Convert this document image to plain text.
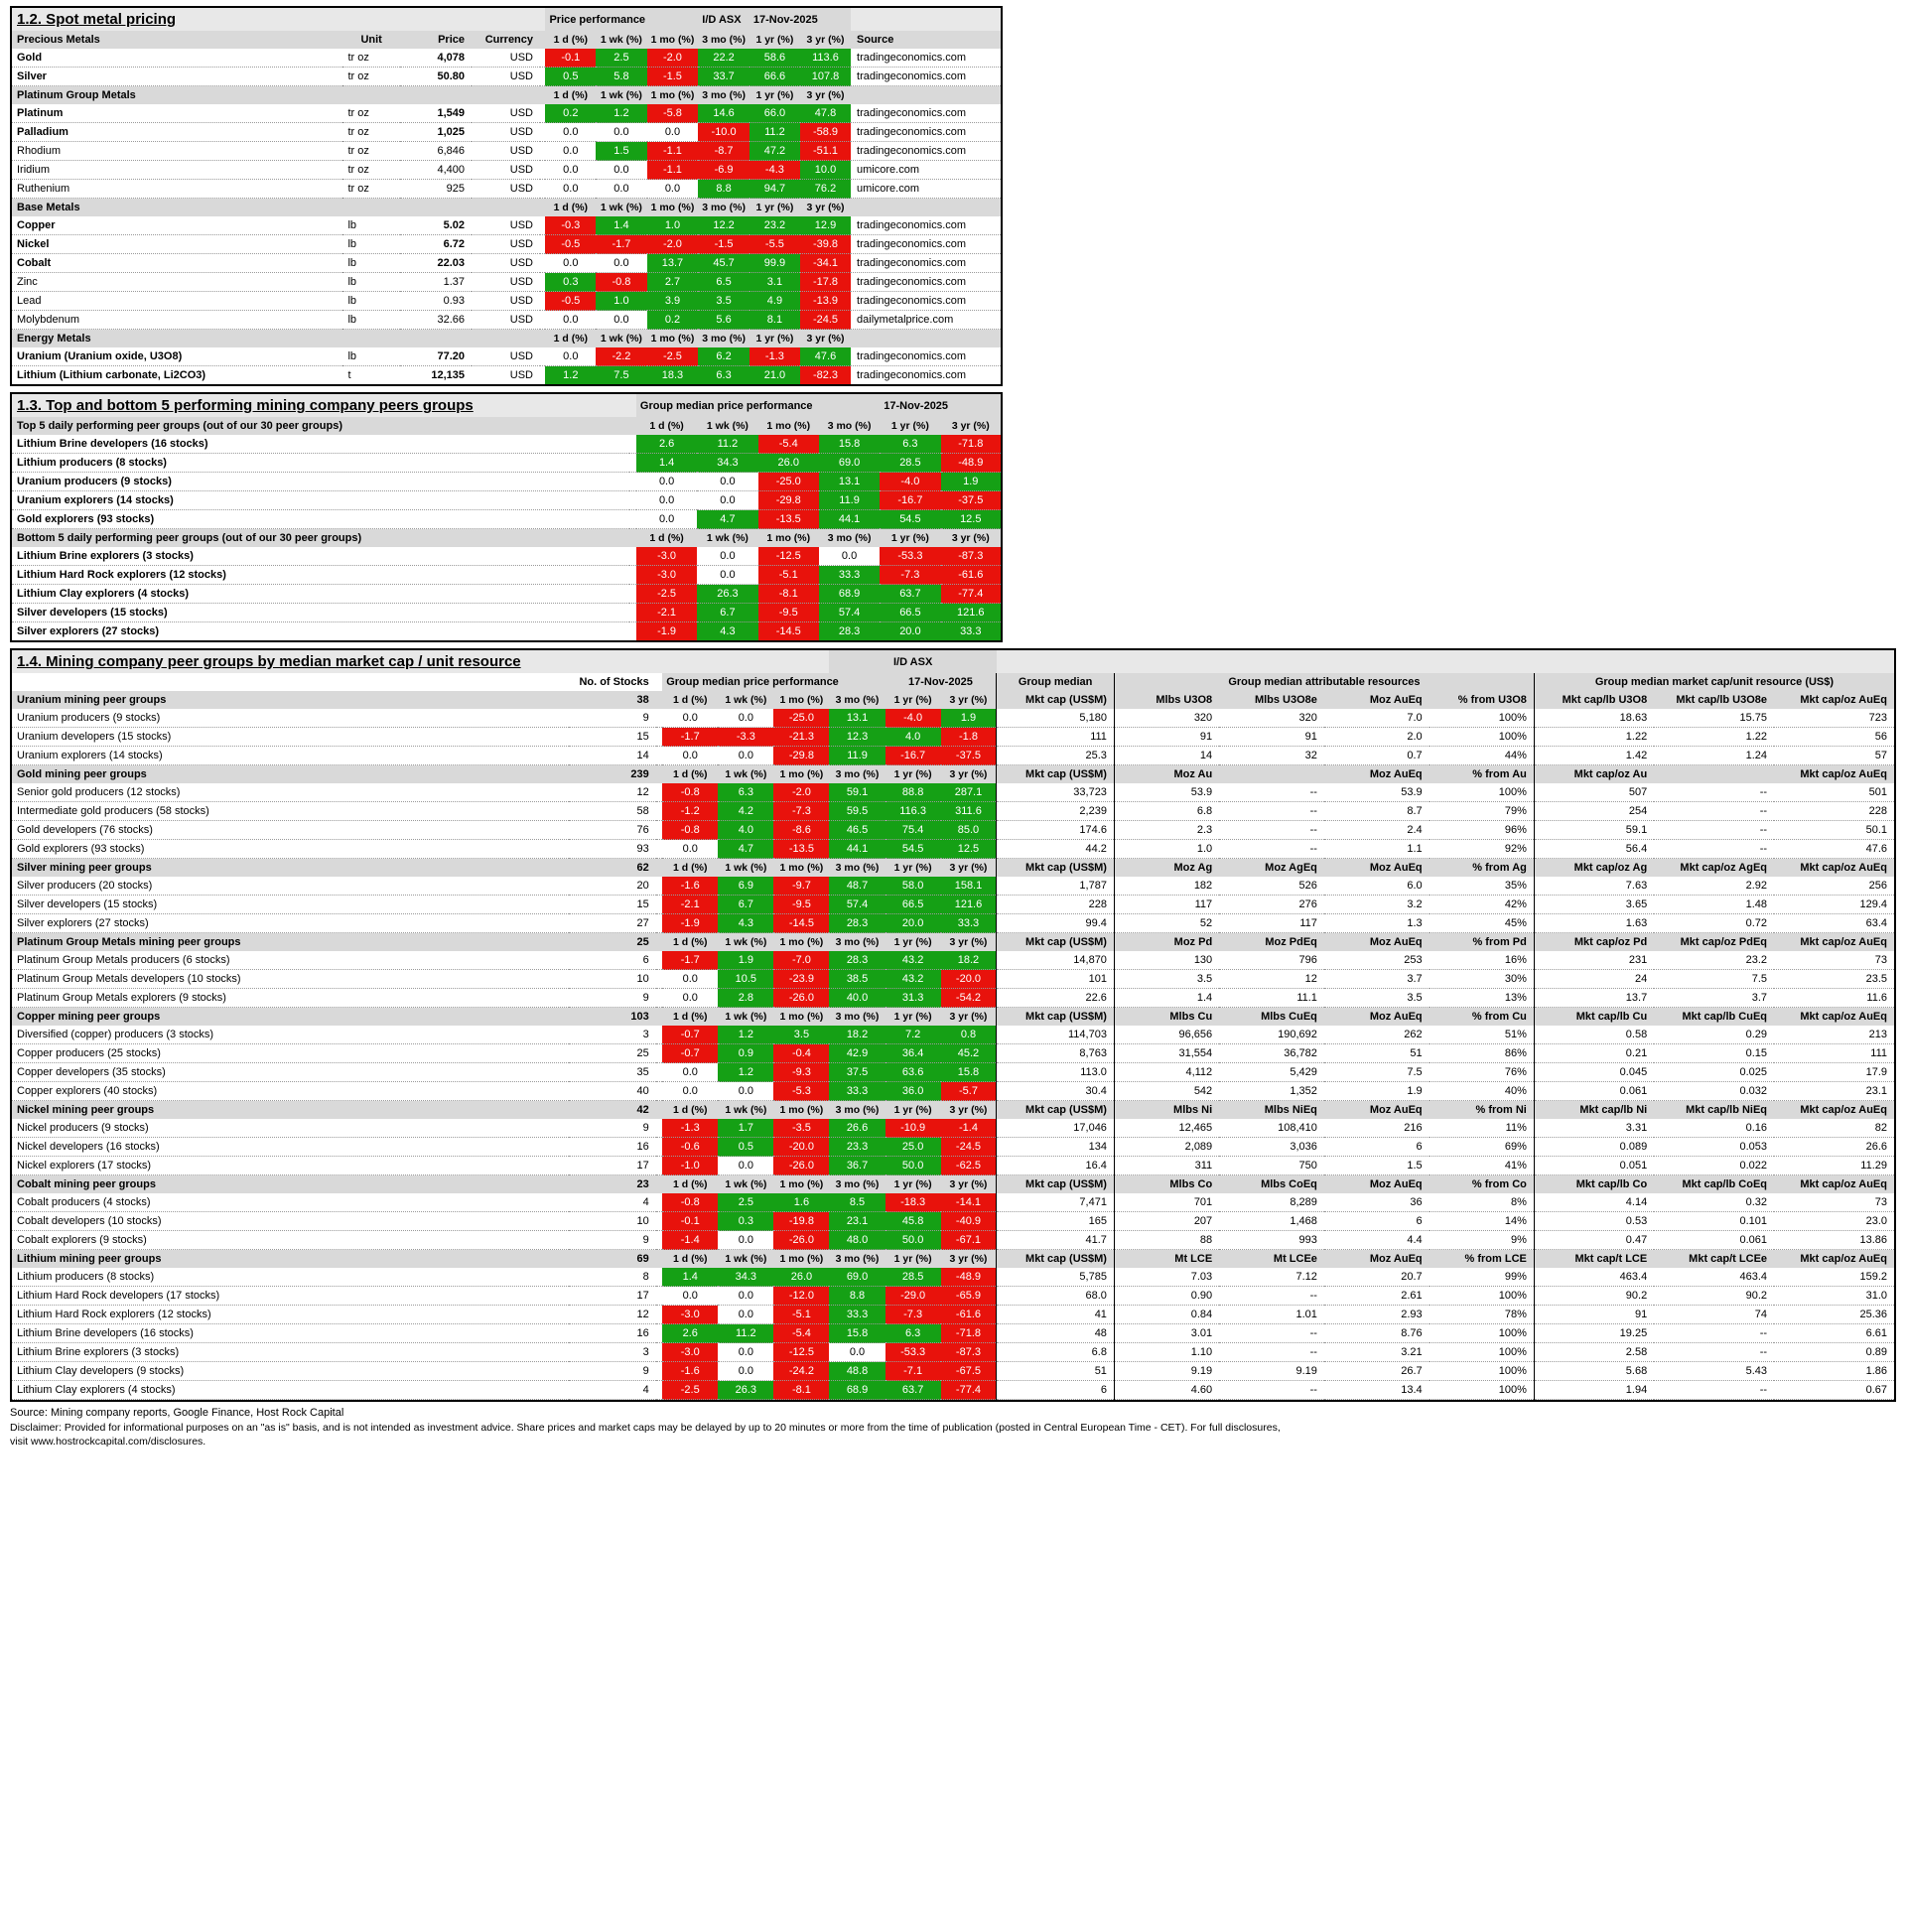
1.2. Spot metal pricing					Price performance			I/D ASX	17-Nov-2025		
Precious Metals	Unit	Price	Currency		1 d (%)	1 wk (%)	1 mo (%)	3 mo (%)	1 yr (%)	3 yr (%)	Source
Gold	tr oz	4,078	USD		-0.1	2.5	-2.0	22.2	58.6	113.6	tradingeconomics.com
Silver	tr oz	50.80	USD		0.5	5.8	-1.5	33.7	66.6	107.8	tradingeconomics.com
Platinum Group Metals					1 d (%)	1 wk (%)	1 mo (%)	3 mo (%)	1 yr (%)	3 yr (%)	
Platinum	tr oz	1,549	USD		0.2	1.2	-5.8	14.6	66.0	47.8	tradingeconomics.com
Palladium	tr oz	1,025	USD		0.0	0.0	0.0	-10.0	11.2	-58.9	tradingeconomics.com
Rhodium	tr oz	6,846	USD		0.0	1.5	-1.1	-8.7	47.2	-51.1	tradingeconomics.com
Iridium	tr oz	4,400	USD		0.0	0.0	-1.1	-6.9	-4.3	10.0	umicore.com
Ruthenium	tr oz	925	USD		0.0	0.0	0.0	8.8	94.7	76.2	umicore.com
Base Metals					1 d (%)	1 wk (%)	1 mo (%)	3 mo (%)	1 yr (%)	3 yr (%)	
Copper	lb	5.02	USD		-0.3	1.4	1.0	12.2	23.2	12.9	tradingeconomics.com
Nickel	lb	6.72	USD		-0.5	-1.7	-2.0	-1.5	-5.5	-39.8	tradingeconomics.com
Cobalt	lb	22.03	USD		0.0	0.0	13.7	45.7	99.9	-34.1	tradingeconomics.com
Zinc	lb	1.37	USD		0.3	-0.8	2.7	6.5	3.1	-17.8	tradingeconomics.com
Lead	lb	0.93	USD		-0.5	1.0	3.9	3.5	4.9	-13.9	tradingeconomics.com
Molybdenum	lb	32.66	USD		0.0	0.0	0.2	5.6	8.1	-24.5	dailymetalprice.com
Energy Metals					1 d (%)	1 wk (%)	1 mo (%)	3 mo (%)	1 yr (%)	3 yr (%)	
Uranium (Uranium oxide, U3O8)	lb	77.20	USD		0.0	-2.2	-2.5	6.2	-1.3	47.6	tradingeconomics.com
Lithium (Lithium carbonate, Li2CO3)	t	12,135	USD		1.2	7.5	18.3	6.3	21.0	-82.3	tradingeconomics.com
1.3. Top and bottom 5 performing mining company peers groups		Group median price performance				17-Nov-2025	
Top 5 daily performing peer groups (out of our 30 peer groups)		1 d (%)	1 wk (%)	1 mo (%)	3 mo (%)	1 yr (%)	3 yr (%)
Lithium Brine developers (16 stocks)		2.6	11.2	-5.4	15.8	6.3	-71.8
Lithium producers (8 stocks)		1.4	34.3	26.0	69.0	28.5	-48.9
Uranium producers (9 stocks)		0.0	0.0	-25.0	13.1	-4.0	1.9
Uranium explorers (14 stocks)		0.0	0.0	-29.8	11.9	-16.7	-37.5
Gold explorers (93 stocks)		0.0	4.7	-13.5	44.1	54.5	12.5
Bottom 5 daily performing peer groups (out of our 30 peer groups)		1 d (%)	1 wk (%)	1 mo (%)	3 mo (%)	1 yr (%)	3 yr (%)
Lithium Brine explorers (3 stocks)		-3.0	0.0	-12.5	0.0	-53.3	-87.3
Lithium Hard Rock explorers (12 stocks)		-3.0	0.0	-5.1	33.3	-7.3	-61.6
Lithium Clay explorers (4 stocks)		-2.5	26.3	-8.1	68.9	63.7	-77.4
Silver developers (15 stocks)		-2.1	6.7	-9.5	57.4	66.5	121.6
Silver explorers (27 stocks)		-1.9	4.3	-14.5	28.3	20.0	33.3
1.4. Mining company peer groups by median market cap / unit resource						I/D ASX										
	No. of Stocks		Group median price performance				17-Nov-2025		Group median	Group median attributable resources				Group median market cap/unit resource (US$)		
Uranium mining peer groups	38		1 d (%)	1 wk (%)	1 mo (%)	3 mo (%)	1 yr (%)	3 yr (%)	Mkt cap (US$M)	Mlbs U3O8	Mlbs U3O8e	Moz AuEq	% from U3O8	Mkt cap/lb U3O8	Mkt cap/lb U3O8e	Mkt cap/oz AuEq
Uranium producers (9 stocks)	9		0.0	0.0	-25.0	13.1	-4.0	1.9	5,180	320	320	7.0	100%	18.63	15.75	723
Uranium developers (15 stocks)	15		-1.7	-3.3	-21.3	12.3	4.0	-1.8	111	91	91	2.0	100%	1.22	1.22	56
Uranium explorers (14 stocks)	14		0.0	0.0	-29.8	11.9	-16.7	-37.5	25.3	14	32	0.7	44%	1.42	1.24	57
Gold mining peer groups	239		1 d (%)	1 wk (%)	1 mo (%)	3 mo (%)	1 yr (%)	3 yr (%)	Mkt cap (US$M)	Moz Au		Moz AuEq	% from Au	Mkt cap/oz Au		Mkt cap/oz AuEq
Senior gold producers (12 stocks)	12		-0.8	6.3	-2.0	59.1	88.8	287.1	33,723	53.9	--	53.9	100%	507	--	501
Intermediate gold producers (58 stocks)	58		-1.2	4.2	-7.3	59.5	116.3	311.6	2,239	6.8	--	8.7	79%	254	--	228
Gold developers (76 stocks)	76		-0.8	4.0	-8.6	46.5	75.4	85.0	174.6	2.3	--	2.4	96%	59.1	--	50.1
Gold explorers (93 stocks)	93		0.0	4.7	-13.5	44.1	54.5	12.5	44.2	1.0	--	1.1	92%	56.4	--	47.6
Silver mining peer groups	62		1 d (%)	1 wk (%)	1 mo (%)	3 mo (%)	1 yr (%)	3 yr (%)	Mkt cap (US$M)	Moz Ag	Moz AgEq	Moz AuEq	% from Ag	Mkt cap/oz Ag	Mkt cap/oz AgEq	Mkt cap/oz AuEq
Silver producers (20 stocks)	20		-1.6	6.9	-9.7	48.7	58.0	158.1	1,787	182	526	6.0	35%	7.63	2.92	256
Silver developers (15 stocks)	15		-2.1	6.7	-9.5	57.4	66.5	121.6	228	117	276	3.2	42%	3.65	1.48	129.4
Silver explorers (27 stocks)	27		-1.9	4.3	-14.5	28.3	20.0	33.3	99.4	52	117	1.3	45%	1.63	0.72	63.4
Platinum Group Metals mining peer groups	25		1 d (%)	1 wk (%)	1 mo (%)	3 mo (%)	1 yr (%)	3 yr (%)	Mkt cap (US$M)	Moz Pd	Moz PdEq	Moz AuEq	% from Pd	Mkt cap/oz Pd	Mkt cap/oz PdEq	Mkt cap/oz AuEq
Platinum Group Metals producers (6 stocks)	6		-1.7	1.9	-7.0	28.3	43.2	18.2	14,870	130	796	253	16%	231	23.2	73
Platinum Group Metals developers (10 stocks)	10		0.0	10.5	-23.9	38.5	43.2	-20.0	101	3.5	12	3.7	30%	24	7.5	23.5
Platinum Group Metals explorers (9 stocks)	9		0.0	2.8	-26.0	40.0	31.3	-54.2	22.6	1.4	11.1	3.5	13%	13.7	3.7	11.6
Copper mining peer groups	103		1 d (%)	1 wk (%)	1 mo (%)	3 mo (%)	1 yr (%)	3 yr (%)	Mkt cap (US$M)	Mlbs Cu	Mlbs CuEq	Moz AuEq	% from Cu	Mkt cap/lb Cu	Mkt cap/lb CuEq	Mkt cap/oz AuEq
Diversified (copper) producers (3 stocks)	3		-0.7	1.2	3.5	18.2	7.2	0.8	114,703	96,656	190,692	262	51%	0.58	0.29	213
Copper producers (25 stocks)	25		-0.7	0.9	-0.4	42.9	36.4	45.2	8,763	31,554	36,782	51	86%	0.21	0.15	111
Copper developers (35 stocks)	35		0.0	1.2	-9.3	37.5	63.6	15.8	113.0	4,112	5,429	7.5	76%	0.045	0.025	17.9
Copper explorers (40 stocks)	40		0.0	0.0	-5.3	33.3	36.0	-5.7	30.4	542	1,352	1.9	40%	0.061	0.032	23.1
Nickel mining peer groups	42		1 d (%)	1 wk (%)	1 mo (%)	3 mo (%)	1 yr (%)	3 yr (%)	Mkt cap (US$M)	Mlbs Ni	Mlbs NiEq	Moz AuEq	% from Ni	Mkt cap/lb Ni	Mkt cap/lb NiEq	Mkt cap/oz AuEq
Nickel producers (9 stocks)	9		-1.3	1.7	-3.5	26.6	-10.9	-1.4	17,046	12,465	108,410	216	11%	3.31	0.16	82
Nickel developers (16 stocks)	16		-0.6	0.5	-20.0	23.3	25.0	-24.5	134	2,089	3,036	6	69%	0.089	0.053	26.6
Nickel explorers (17 stocks)	17		-1.0	0.0	-26.0	36.7	50.0	-62.5	16.4	311	750	1.5	41%	0.051	0.022	11.29
Cobalt mining peer groups	23		1 d (%)	1 wk (%)	1 mo (%)	3 mo (%)	1 yr (%)	3 yr (%)	Mkt cap (US$M)	Mlbs Co	Mlbs CoEq	Moz AuEq	% from Co	Mkt cap/lb Co	Mkt cap/lb CoEq	Mkt cap/oz AuEq
Cobalt producers (4 stocks)	4		-0.8	2.5	1.6	8.5	-18.3	-14.1	7,471	701	8,289	36	8%	4.14	0.32	73
Cobalt developers (10 stocks)	10		-0.1	0.3	-19.8	23.1	45.8	-40.9	165	207	1,468	6	14%	0.53	0.101	23.0
Cobalt explorers (9 stocks)	9		-1.4	0.0	-26.0	48.0	50.0	-67.1	41.7	88	993	4.4	9%	0.47	0.061	13.86
Lithium mining peer groups	69		1 d (%)	1 wk (%)	1 mo (%)	3 mo (%)	1 yr (%)	3 yr (%)	Mkt cap (US$M)	Mt LCE	Mt LCEe	Moz AuEq	% from LCE	Mkt cap/t LCE	Mkt cap/t LCEe	Mkt cap/oz AuEq
Lithium producers (8 stocks)	8		1.4	34.3	26.0	69.0	28.5	-48.9	5,785	7.03	7.12	20.7	99%	463.4	463.4	159.2
Lithium Hard Rock developers (17 stocks)	17		0.0	0.0	-12.0	8.8	-29.0	-65.9	68.0	0.90	--	2.61	100%	90.2	90.2	31.0
Lithium Hard Rock explorers (12 stocks)	12		-3.0	0.0	-5.1	33.3	-7.3	-61.6	41	0.84	1.01	2.93	78%	91	74	25.36
Lithium Brine developers (16 stocks)	16		2.6	11.2	-5.4	15.8	6.3	-71.8	48	3.01	--	8.76	100%	19.25	--	6.61
Lithium Brine explorers (3 stocks)	3		-3.0	0.0	-12.5	0.0	-53.3	-87.3	6.8	1.10	--	3.21	100%	2.58	--	0.89
Lithium Clay developers (9 stocks)	9		-1.6	0.0	-24.2	48.8	-7.1	-67.5	51	9.19	9.19	26.7	100%	5.68	5.43	1.86
Lithium Clay explorers (4 stocks)	4		-2.5	26.3	-8.1	68.9	63.7	-77.4	6	4.60	--	13.4	100%	1.94	--	0.67
Source: Mining company reports, Google Finance, Host Rock Capital
Disclaimer: Provided for informational purposes on an "as is" basis, and is not intended as investment advice. Share prices and market caps may be delayed by up to 20 minutes or more from the time of publication (posted in Central European Time - CET). For full disclosures,
visit www.hostrockcapital.com/disclosures.
